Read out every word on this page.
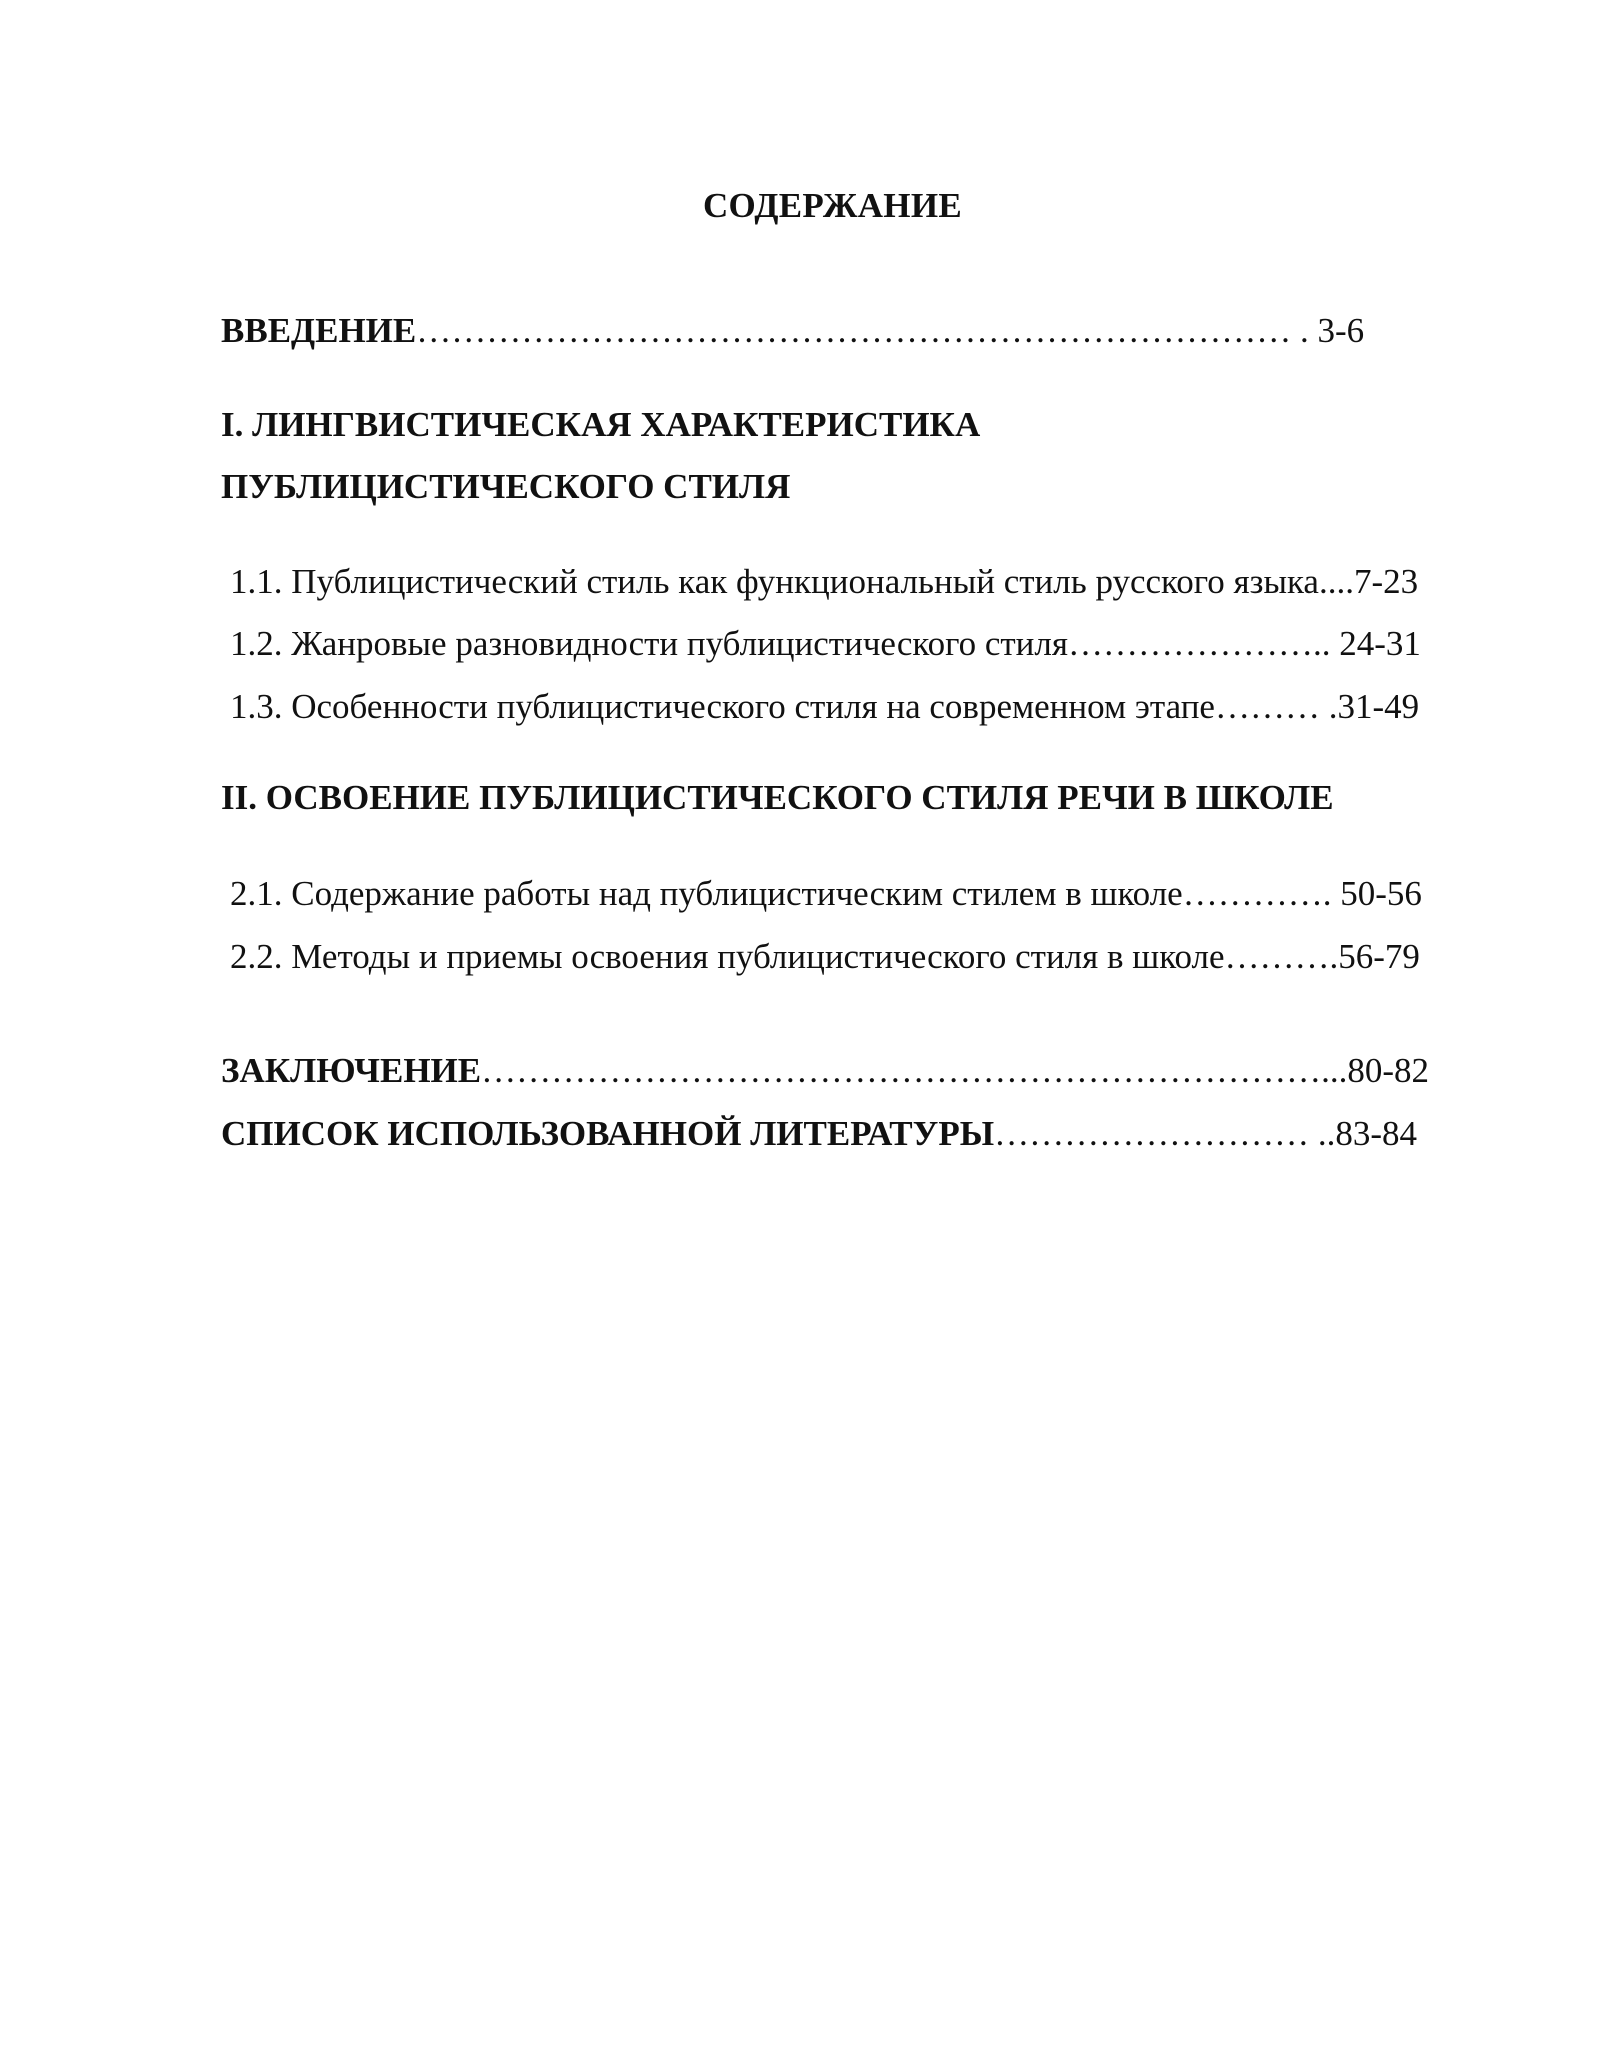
СОДЕРЖАНИЕ
ВВЕДЕНИЕ………………………………………………………………… . 3-6
I. ЛИНГВИСТИЧЕСКАЯ ХАРАКТЕРИСТИКА
ПУБЛИЦИСТИЧЕСКОГО СТИЛЯ
1.1. Публицистический стиль как функциональный стиль русского языка....7-23
1.2. Жанровые разновидности публицистического стиля………………….. 24-31
1.3. Особенности публицистического стиля на современном этапе……… .31-49
II. ОСВОЕНИЕ ПУБЛИЦИСТИЧЕСКОГО СТИЛЯ РЕЧИ В ШКОЛЕ
2.1. Содержание работы над публицистическим стилем в школе…………. 50-56
2.2. Методы и приемы освоения публицистического стиля в школе……….56-79
ЗАКЛЮЧЕНИЕ………………………………………………………………...80-82
СПИСОК ИСПОЛЬЗОВАННОЙ ЛИТЕРАТУРЫ……………………… ..83-84
